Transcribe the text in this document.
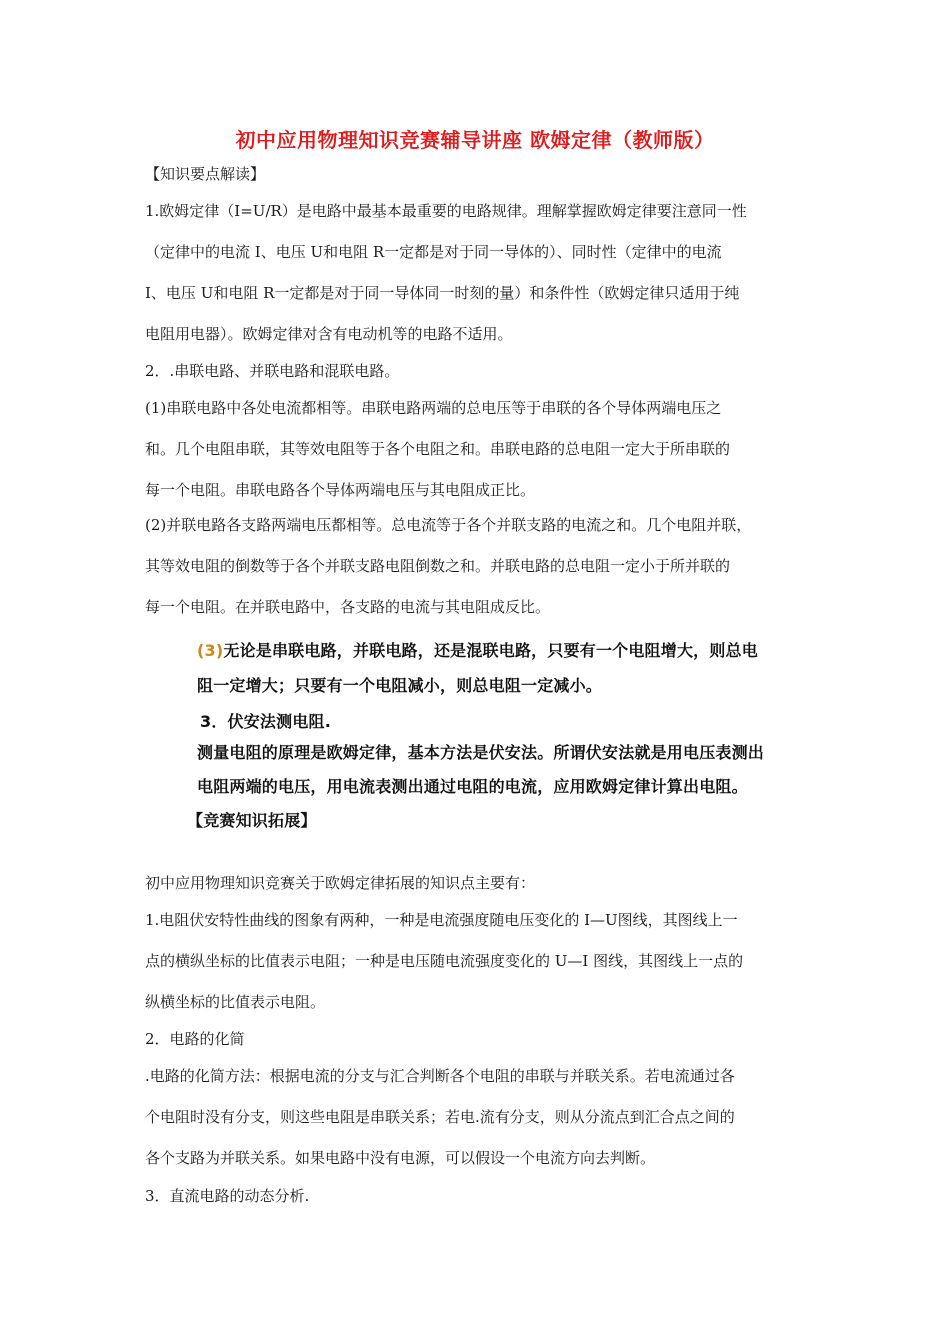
初中应用物理知识竞赛辅导讲座 欧姆定律（教师版）
【知识要点解读】
1.欧姆定律（I=U/R）是电路中最基本最重要的电路规律。理解掌握欧姆定律要注意同一性
（定律中的电流 I、电压 U和电阻 R一定都是对于同一导体的）、同时性（定律中的电流
I、电压 U和电阻 R一定都是对于同一导体同一时刻的量）和条件性（欧姆定律只适用于纯
电阻用电器）。欧姆定律对含有电动机等的电路不适用。
2．.串联电路、并联电路和混联电路。
(1)串联电路中各处电流都相等。串联电路两端的总电压等于串联的各个导体两端电压之
和。几个电阻串联，其等效电阻等于各个电阻之和。串联电路的总电阻一定大于所串联的
每一个电阻。串联电路各个导体两端电压与其电阻成正比。
(2)并联电路各支路两端电压都相等。总电流等于各个并联支路的电流之和。几个电阻并联，
其等效电阻的倒数等于各个并联支路电阻倒数之和。并联电路的总电阻一定小于所并联的
每一个电阻。在并联电路中，各支路的电流与其电阻成反比。
(3)无论是串联电路，并联电路，还是混联电路，只要有一个电阻增大，则总电
阻一定增大；只要有一个电阻减小，则总电阻一定减小。
3．伏安法测电阻.
测量电阻的原理是欧姆定律，基本方法是伏安法。所谓伏安法就是用电压表测出
电阻两端的电压，用电流表测出通过电阻的电流，应用欧姆定律计算出电阻。
【竞赛知识拓展】
初中应用物理知识竞赛关于欧姆定律拓展的知识点主要有：
1.电阻伏安特性曲线的图象有两种，一种是电流强度随电压变化的 I—U图线，其图线上一
点的横纵坐标的比值表示电阻；一种是电压随电流强度变化的 U—I 图线，其图线上一点的
纵横坐标的比值表示电阻。
2．电路的化简
.电路的化简方法：根据电流的分支与汇合判断各个电阻的串联与并联关系。若电流通过各
个电阻时没有分支，则这些电阻是串联关系；若电.流有分支，则从分流点到汇合点之间的
各个支路为并联关系。如果电路中没有电源，可以假设一个电流方向去判断。
3．直流电路的动态分析.
